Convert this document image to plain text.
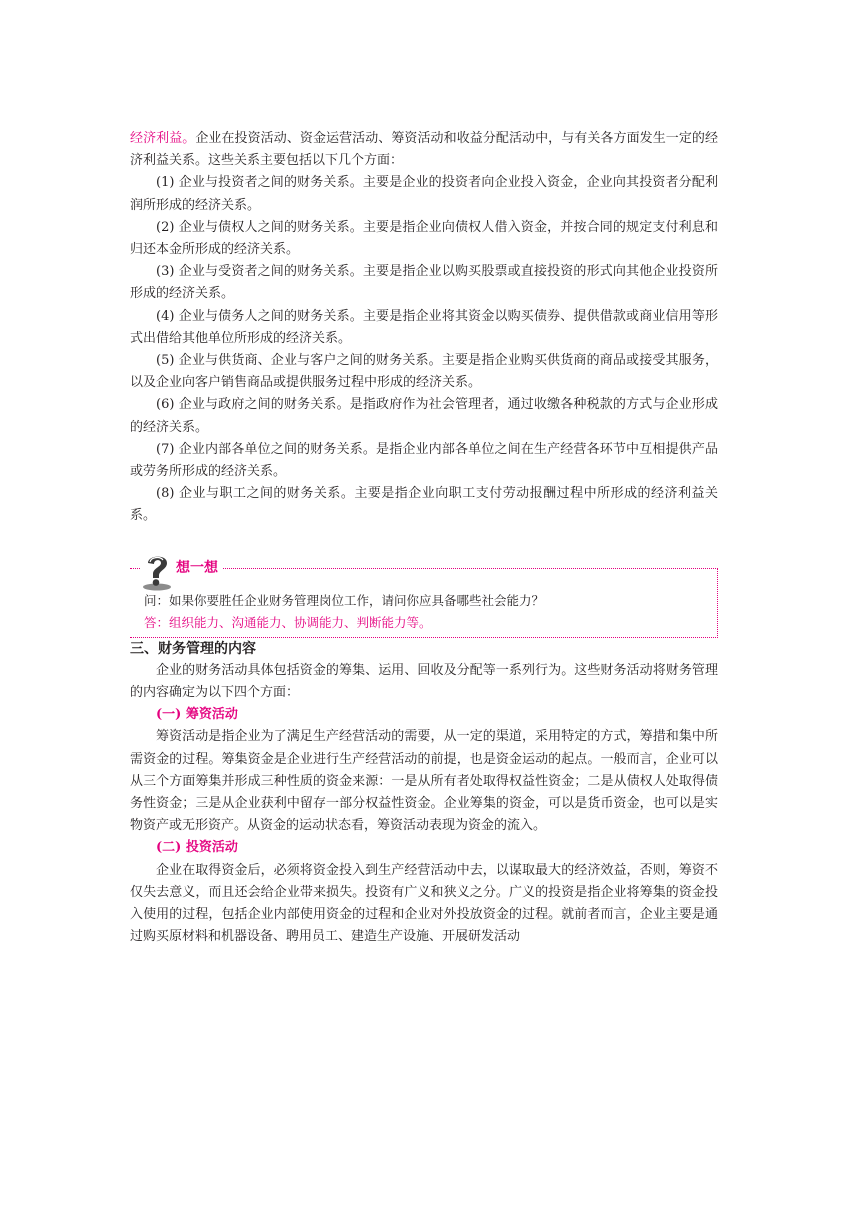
经济利益。企业在投资活动、资金运营活动、筹资活动和收益分配活动中，与有关各方面发生一定的经济利益关系。这些关系主要包括以下几个方面：

(1) 企业与投资者之间的财务关系。主要是企业的投资者向企业投入资金，企业向其投资者分配利润所形成的经济关系。

(2) 企业与债权人之间的财务关系。主要是指企业向债权人借入资金，并按合同的规定支付利息和归还本金所形成的经济关系。

(3) 企业与受资者之间的财务关系。主要是指企业以购买股票或直接投资的形式向其他企业投资所形成的经济关系。

(4) 企业与债务人之间的财务关系。主要是指企业将其资金以购买债券、提供借款或商业信用等形式出借给其他单位所形成的经济关系。

(5) 企业与供货商、企业与客户之间的财务关系。主要是指企业购买供货商的商品或接受其服务，以及企业向客户销售商品或提供服务过程中形成的经济关系。

(6) 企业与政府之间的财务关系。是指政府作为社会管理者，通过收缴各种税款的方式与企业形成的经济关系。

(7) 企业内部各单位之间的财务关系。是指企业内部各单位之间在生产经营各环节中互相提供产品或劳务所形成的经济关系。

(8) 企业与职工之间的财务关系。主要是指企业向职工支付劳动报酬过程中所形成的经济利益关系。

想一想
问：如果你要胜任企业财务管理岗位工作，请问你应具备哪些社会能力？
答：组织能力、沟通能力、协调能力、判断能力等。

三、财务管理的内容

企业的财务活动具体包括资金的筹集、运用、回收及分配等一系列行为。这些财务活动将财务管理的内容确定为以下四个方面：

(一) 筹资活动

筹资活动是指企业为了满足生产经营活动的需要，从一定的渠道，采用特定的方式，筹措和集中所需资金的过程。筹集资金是企业进行生产经营活动的前提，也是资金运动的起点。一般而言，企业可以从三个方面筹集并形成三种性质的资金来源：一是从所有者处取得权益性资金；二是从债权人处取得债务性资金；三是从企业获利中留存一部分权益性资金。企业筹集的资金，可以是货币资金，也可以是实物资产或无形资产。从资金的运动状态看，筹资活动表现为资金的流入。

(二) 投资活动

企业在取得资金后，必须将资金投入到生产经营活动中去，以谋取最大的经济效益，否则，筹资不仅失去意义，而且还会给企业带来损失。投资有广义和狭义之分。广义的投资是指企业将筹集的资金投入使用的过程，包括企业内部使用资金的过程和企业对外投放资金的过程。就前者而言，企业主要是通过购买原材料和机器设备、聘用员工、建造生产设施、开展研发活动
